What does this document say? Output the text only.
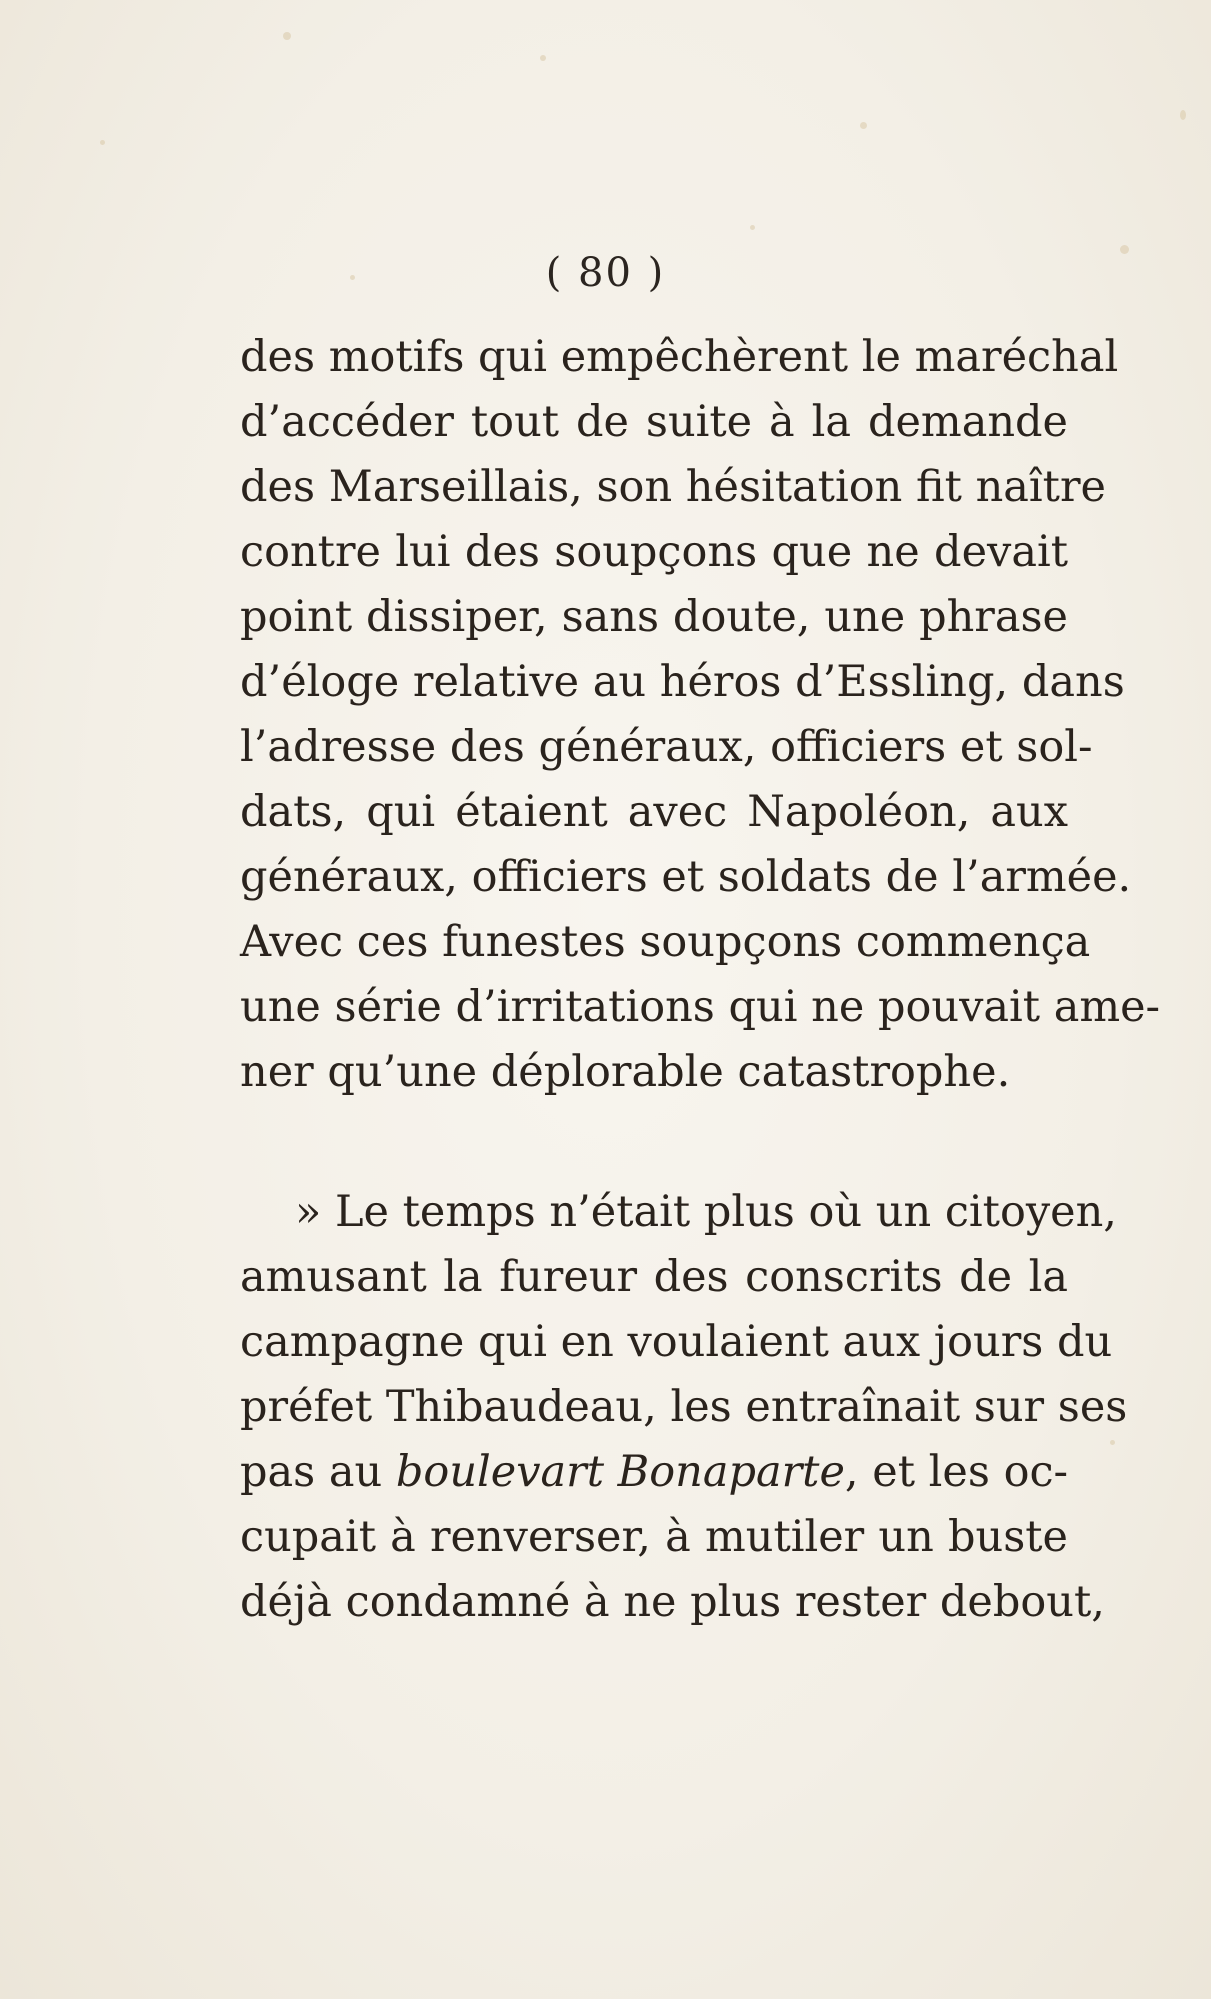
( 80 )
des motifs qui empêchèrent le maréchal
d’accéder tout de suite à la demande
des Marseillais, son hésitation fit naître
contre lui des soupçons que ne devait
point dissiper, sans doute, une phrase
d’éloge relative au héros d’Essling, dans
l’adresse des généraux, officiers et sol-
dats, qui étaient avec Napoléon, aux
généraux, officiers et soldats de l’armée.
Avec ces funestes soupçons commença
une série d’irritations qui ne pouvait ame-
ner qu’une déplorable catastrophe.
» Le temps n’était plus où un citoyen,
amusant la fureur des conscrits de la
campagne qui en voulaient aux jours du
préfet Thibaudeau, les entraînait sur ses
pas au boulevart Bonaparte, et les oc-
cupait à renverser, à mutiler un buste
déjà condamné à ne plus rester debout,
